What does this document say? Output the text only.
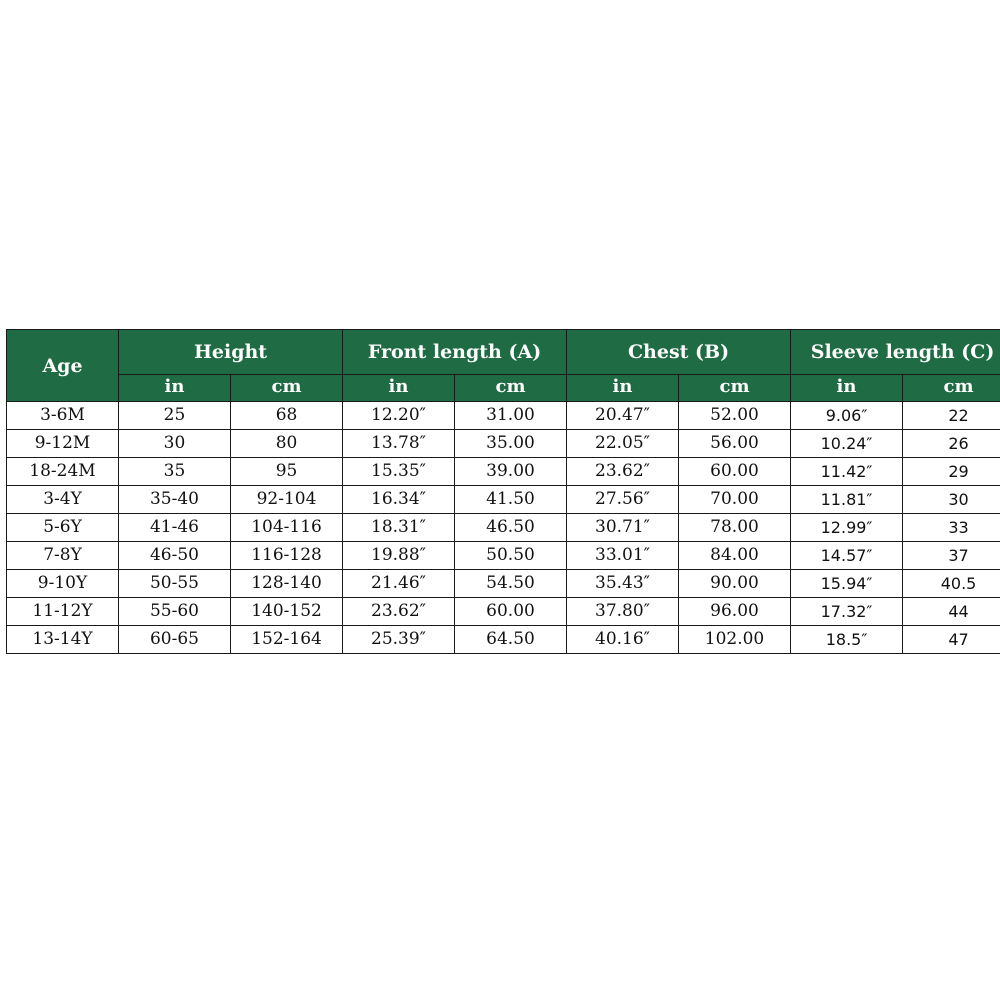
Age	Height		Front length (A)		Chest (B)		Sleeve length (C)	
	in	cm	in	cm	in	cm	in	cm
3-6M	25	68	12.20″	31.00	20.47″	52.00	9.06″	22
9-12M	30	80	13.78″	35.00	22.05″	56.00	10.24″	26
18-24M	35	95	15.35″	39.00	23.62″	60.00	11.42″	29
3-4Y	35-40	92-104	16.34″	41.50	27.56″	70.00	11.81″	30
5-6Y	41-46	104-116	18.31″	46.50	30.71″	78.00	12.99″	33
7-8Y	46-50	116-128	19.88″	50.50	33.01″	84.00	14.57″	37
9-10Y	50-55	128-140	21.46″	54.50	35.43″	90.00	15.94″	40.5
11-12Y	55-60	140-152	23.62″	60.00	37.80″	96.00	17.32″	44
13-14Y	60-65	152-164	25.39″	64.50	40.16″	102.00	18.5″	47
